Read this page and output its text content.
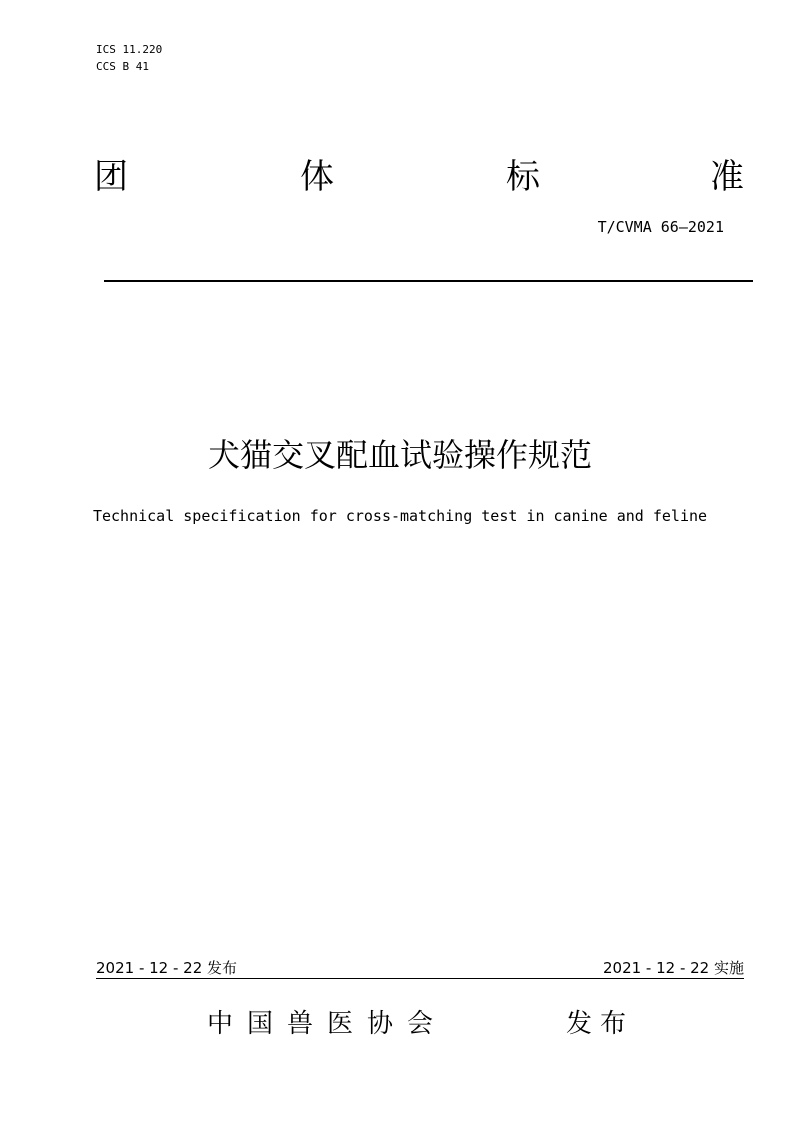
ICS 11.220
CCS B 41
团	体	标	准
T/CVMA 66—2021
犬猫交叉配血试验操作规范
Technical specification for cross-matching test in canine and feline
2021 - 12 - 22 发布	2021 - 12 - 22 实施
中国兽医协会	发布
